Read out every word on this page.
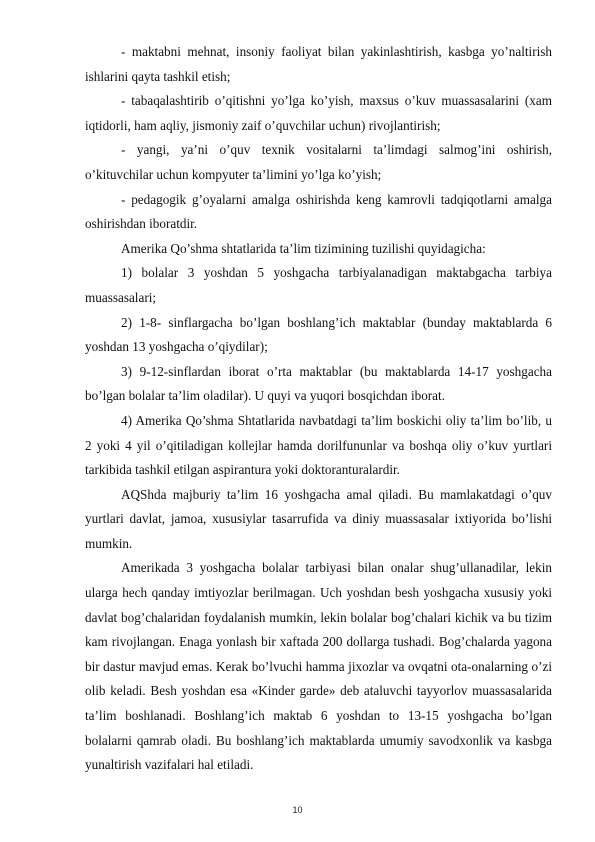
- maktabni mehnat, insoniy faoliyat bilan yakinlashtirish, kasbga yo’naltirish ishlarini qayta tashkil etish;

- tabaqalashtirib o’qitishni yo’lga ko’yish, maxsus o’kuv muassasalarini (xam iqtidorli, ham aqliy, jismoniy zaif o’quvchilar uchun) rivojlantirish;

- yangi, ya’ni o’quv texnik vositalarni ta’limdagi salmog’ini oshirish, o’kituvchilar uchun kompyuter ta’limini yo’lga ko’yish;

- pedagogik g’oyalarni amalga oshirishda keng kamrovli tadqiqotlarni amalga oshirishdan iboratdir.

Amerika Qo’shma shtatlarida ta’lim tizimining tuzilishi quyidagicha:

1) bolalar 3 yoshdan 5 yoshgacha tarbiyalanadigan maktabgacha tarbiya muassasalari;

2) 1-8- sinflargacha bo’lgan boshlang’ich maktablar (bunday maktablarda 6 yoshdan 13 yoshgacha o’qiydilar);

3) 9-12-sinflardan iborat o’rta maktablar (bu maktablarda 14-17 yoshgacha bo’lgan bolalar ta’lim oladilar). U quyi va yuqori bosqichdan iborat.

4) Amerika Qo’shma Shtatlarida navbatdagi ta’lim boskichi oliy ta’lim bo’lib, u 2 yoki 4 yil o’qitiladigan kollejlar hamda dorilfununlar va boshqa oliy o’kuv yurtlari tarkibida tashkil etilgan aspirantura yoki doktoranturalardir.

AQShda majburiy ta’lim 16 yoshgacha amal qiladi. Bu mamlakatdagi o’quv yurtlari davlat, jamoa, xususiylar tasarrufida va diniy muassasalar ixtiyorida bo’lishi mumkin.

Amerikada 3 yoshgacha bolalar tarbiyasi bilan onalar shug’ullanadilar, lekin ularga hech qanday imtiyozlar berilmagan. Uch yoshdan besh yoshgacha xususiy yoki davlat bog’chalaridan foydalanish mumkin, lekin bolalar bog’chalari kichik va bu tizim kam rivojlangan. Enaga yonlash bir xaftada 200 dollarga tushadi. Bog’chalarda yagona bir dastur mavjud emas. Kerak bo’lvuchi hamma jixozlar va ovqatni ota-onalarning o’zi olib keladi. Besh yoshdan esa «Kinder garde» deb ataluvchi tayyorlov muassasalarida ta’lim boshlanadi. Boshlang’ich maktab 6 yoshdan to 13-15 yoshgacha bo’lgan bolalarni qamrab oladi. Bu boshlang’ich maktablarda umumiy savodxonlik va kasbga yunaltirish vazifalari hal etiladi.

10
